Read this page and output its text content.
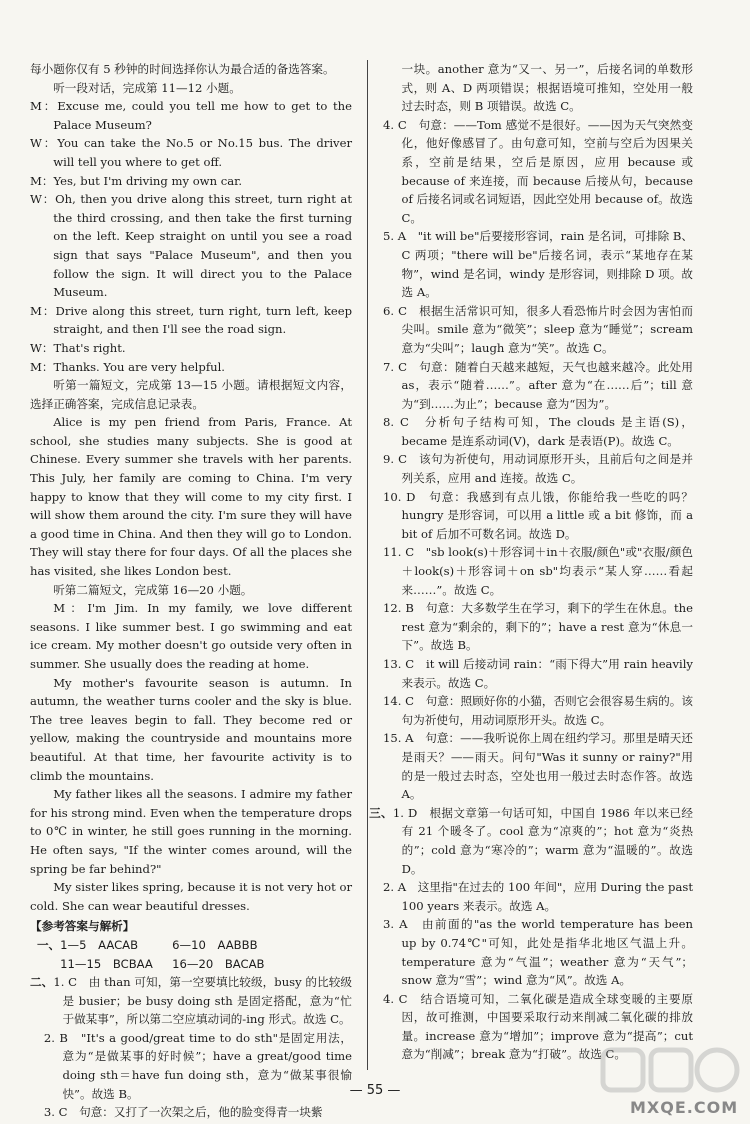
每小题你仅有 5 秒钟的时间选择你认为最合适的备选答案。

听一段对话，完成第 11—12 小题。

M：Excuse me, could you tell me how to get to the Palace Museum?

W：You can take the No.5 or No.15 bus. The driver will tell you where to get off.

M：Yes, but I'm driving my own car.

W：Oh, then you drive along this street, turn right at the third crossing, and then take the first turning on the left. Keep straight on until you see a road sign that says "Palace Museum", and then you follow the sign. It will direct you to the Palace Museum.

M：Drive along this street, turn right, turn left, keep straight, and then I'll see the road sign.

W：That's right.

M：Thanks. You are very helpful.

听第一篇短文，完成第 13—15 小题。请根据短文内容，选择正确答案，完成信息记录表。

Alice is my pen friend from Paris, France. At school, she studies many subjects. She is good at Chinese. Every summer she travels with her parents. This July, her family are coming to China. I'm very happy to know that they will come to my city first. I will show them around the city. I'm sure they will have a good time in China. And then they will go to London. They will stay there for four days. Of all the places she has visited, she likes London best.

听第二篇短文，完成第 16—20 小题。

M：I'm Jim. In my family, we love different seasons. I like summer best. I go swimming and eat ice cream. My mother doesn't go outside very often in summer. She usually does the reading at home.

My mother's favourite season is autumn. In autumn, the weather turns cooler and the sky is blue. The tree leaves begin to fall. They become red or yellow, making the countryside and mountains more beautiful. At that time, her favourite activity is to climb the mountains.

My father likes all the seasons. I admire my father for his strong mind. Even when the temperature drops to 0℃ in winter, he still goes running in the morning. He often says, "If the winter comes around, will the spring be far behind?"

My sister likes spring, because it is not very hot or cold. She can wear beautiful dresses.

【参考答案与解析】

一、1—5　AACAB	6—10　AABBB

11—15　BCBAA 16—20　BACAB

二、1. C　由 than 可知，第一空要填比较级，busy 的比较级是 busier；be busy doing sth 是固定搭配，意为“忙于做某事”，所以第二空应填动词的-ing 形式。故选 C。

2. B　"It's a good/great time to do sth"是固定用法，意为“是做某事的好时候”；have a great/good time doing sth＝have fun doing sth，意为“做某事很愉快”。故选 B。

3. C　句意：又打了一次架之后，他的脸变得青一块紫

一块。another 意为“又一、另一”，后接名词的单数形式，则 A、D 两项错误；根据语境可推知，空处用一般过去时态，则 B 项错误。故选 C。

4. C　句意：——Tom 感觉不是很好。——因为天气突然变化，他好像感冒了。由句意可知，空前与空后为因果关系，空前是结果，空后是原因，应用 because 或 because of 来连接，而 because 后接从句，because of 后接名词或名词短语，因此空处用 because of。故选 C。

5. A　"it will be"后要接形容词，rain 是名词，可排除 B、C 两项；"there will be"后接名词，表示“某地存在某物”，wind 是名词，windy 是形容词，则排除 D 项。故选 A。

6. C　根据生活常识可知，很多人看恐怖片时会因为害怕而尖叫。smile 意为“微笑”；sleep 意为“睡觉”；scream 意为“尖叫”；laugh 意为“笑”。故选 C。

7. C　句意：随着白天越来越短，天气也越来越冷。此处用 as，表示“随着……”。after 意为“在……后”；till 意为“到……为止”；because 意为“因为”。

8. C　分析句子结构可知，The clouds 是主语(S)，became 是连系动词(V)，dark 是表语(P)。故选 C。

9. C　该句为祈使句，用动词原形开头，且前后句之间是并列关系，应用 and 连接。故选 C。

10. D　句意：我感到有点儿饿，你能给我一些吃的吗？hungry 是形容词，可以用 a little 或 a bit 修饰，而 a bit of 后加不可数名词。故选 D。

11. C　"sb look(s)＋形容词＋in＋衣服/颜色"或"衣服/颜色＋look(s)＋形容词＋on sb"均表示“某人穿……看起来……”。故选 C。

12. B　句意：大多数学生在学习，剩下的学生在休息。the rest 意为“剩余的，剩下的”；have a rest 意为“休息一下”。故选 B。

13. C　it will 后接动词 rain：“雨下得大”用 rain heavily 来表示。故选 C。

14. C　句意：照顾好你的小猫，否则它会很容易生病的。该句为祈使句，用动词原形开头。故选 C。

15. A　句意：——我听说你上周在纽约学习。那里是晴天还是雨天？——雨天。问句"Was it sunny or rainy?"用的是一般过去时态，空处也用一般过去时态作答。故选 A。

三、1. D　根据文章第一句话可知，中国自 1986 年以来已经有 21 个暖冬了。cool 意为“凉爽的”；hot 意为“炎热的”；cold 意为“寒冷的”；warm 意为“温暖的”。故选 D。

2. A　这里指"在过去的 100 年间"，应用 During the past 100 years 来表示。故选 A。

3. A　由前面的"as the world temperature has been up by 0.74℃"可知，此处是指华北地区气温上升。temperature 意为“气温”；weather 意为“天气”；snow 意为“雪”；wind 意为“风”。故选 A。

4. C　结合语境可知，二氧化碳是造成全球变暖的主要原因，故可推测，中国要采取行动来削减二氧化碳的排放量。increase 意为“增加”；improve 意为“提高”；cut 意为“削减”；break 意为“打破”。故选 C。

— 55 —
MXQE.COM
